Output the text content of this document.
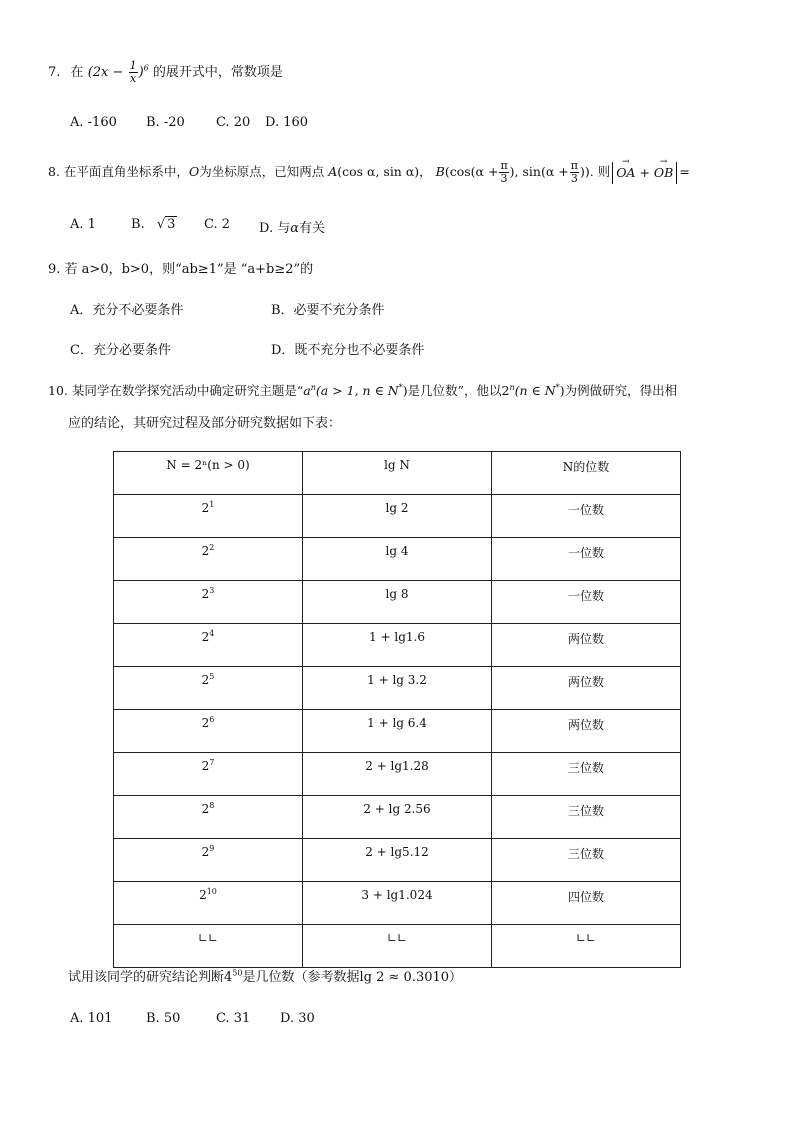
7. 在 $(2x - \frac{1}{x} )^6$ 的展开式中，常数项是
A. -160 B. -20 C. 20 D. 160
8. 在平面直角坐标系中，O为坐标原点，已知两点 A(cos α, sin α)， $B(\cos(\alpha + \frac{\pi}{3}$ ), $\sin(\alpha + \frac{\pi}{3}$ )). 则 → OA + → OB =
A. 1	B. √ 3 C. 2 D. 与α有关
9. 若 a>0，b>0，则“ab≥1”是 “a+b≥2”的
A．充分不必要条件	B．必要不充分条件
C．充分必要条件	D．既不充分也不必要条件
10. 某同学在数学探究活动中确定研究主题是“$a^n(a > 1$, n ∈ N*)是几位数”，他以2$^n$(n ∈ N*)为例做研究，得出相
应的结论，其研究过程及部分研究数据如下表：
N = 2ⁿ(n > 0)	lg N	N的位数
$2^1$	lg 2	一位数
$2^2$	lg 4	一位数
$2^3$	lg 8	一位数
$2^4$	1 + lg1.6	两位数
$2^5$	1 + lg 3.2	两位数
$2^6$	1 + lg 6.4	两位数
$2^7$	2 + lg1.28	三位数
$2^8$	2 + lg 2.56	三位数
$2^9$	2 + lg5.12	三位数
$2^{10}$	3 + lg1.024	四位数
∟∟	∟∟	∟∟
试用该同学的研究结论判断$4^{50}$是几位数（参考数据lg 2 ≈ 0.3010）
A. 101	B. 50	C. 31 D. 30
